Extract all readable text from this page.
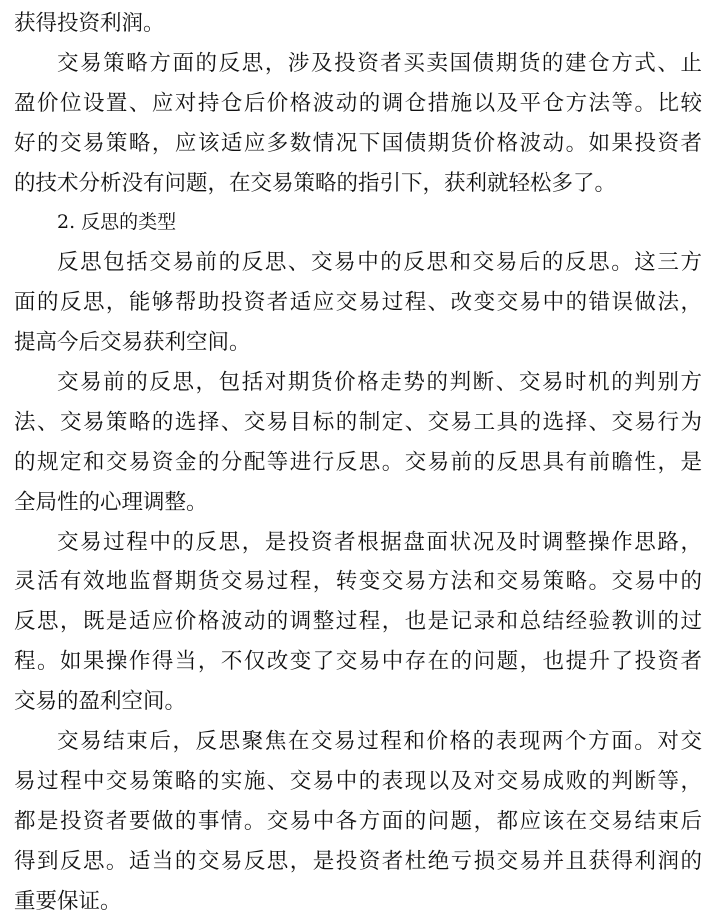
获得投资利润。
交易策略方面的反思，涉及投资者买卖国债期货的建仓方式、止
盈价位设置、应对持仓后价格波动的调仓措施以及平仓方法等。比较
好的交易策略，应该适应多数情况下国债期货价格波动。如果投资者
的技术分析没有问题，在交易策略的指引下，获利就轻松多了。
2. 反思的类型
反思包括交易前的反思、交易中的反思和交易后的反思。这三方
面的反思，能够帮助投资者适应交易过程、改变交易中的错误做法，
提高今后交易获利空间。
交易前的反思，包括对期货价格走势的判断、交易时机的判别方
法、交易策略的选择、交易目标的制定、交易工具的选择、交易行为
的规定和交易资金的分配等进行反思。交易前的反思具有前瞻性，是
全局性的心理调整。
交易过程中的反思，是投资者根据盘面状况及时调整操作思路，
灵活有效地监督期货交易过程，转变交易方法和交易策略。交易中的
反思，既是适应价格波动的调整过程，也是记录和总结经验教训的过
程。如果操作得当，不仅改变了交易中存在的问题，也提升了投资者
交易的盈利空间。
交易结束后，反思聚焦在交易过程和价格的表现两个方面。对交
易过程中交易策略的实施、交易中的表现以及对交易成败的判断等，
都是投资者要做的事情。交易中各方面的问题，都应该在交易结束后
得到反思。适当的交易反思，是投资者杜绝亏损交易并且获得利润的
重要保证。
